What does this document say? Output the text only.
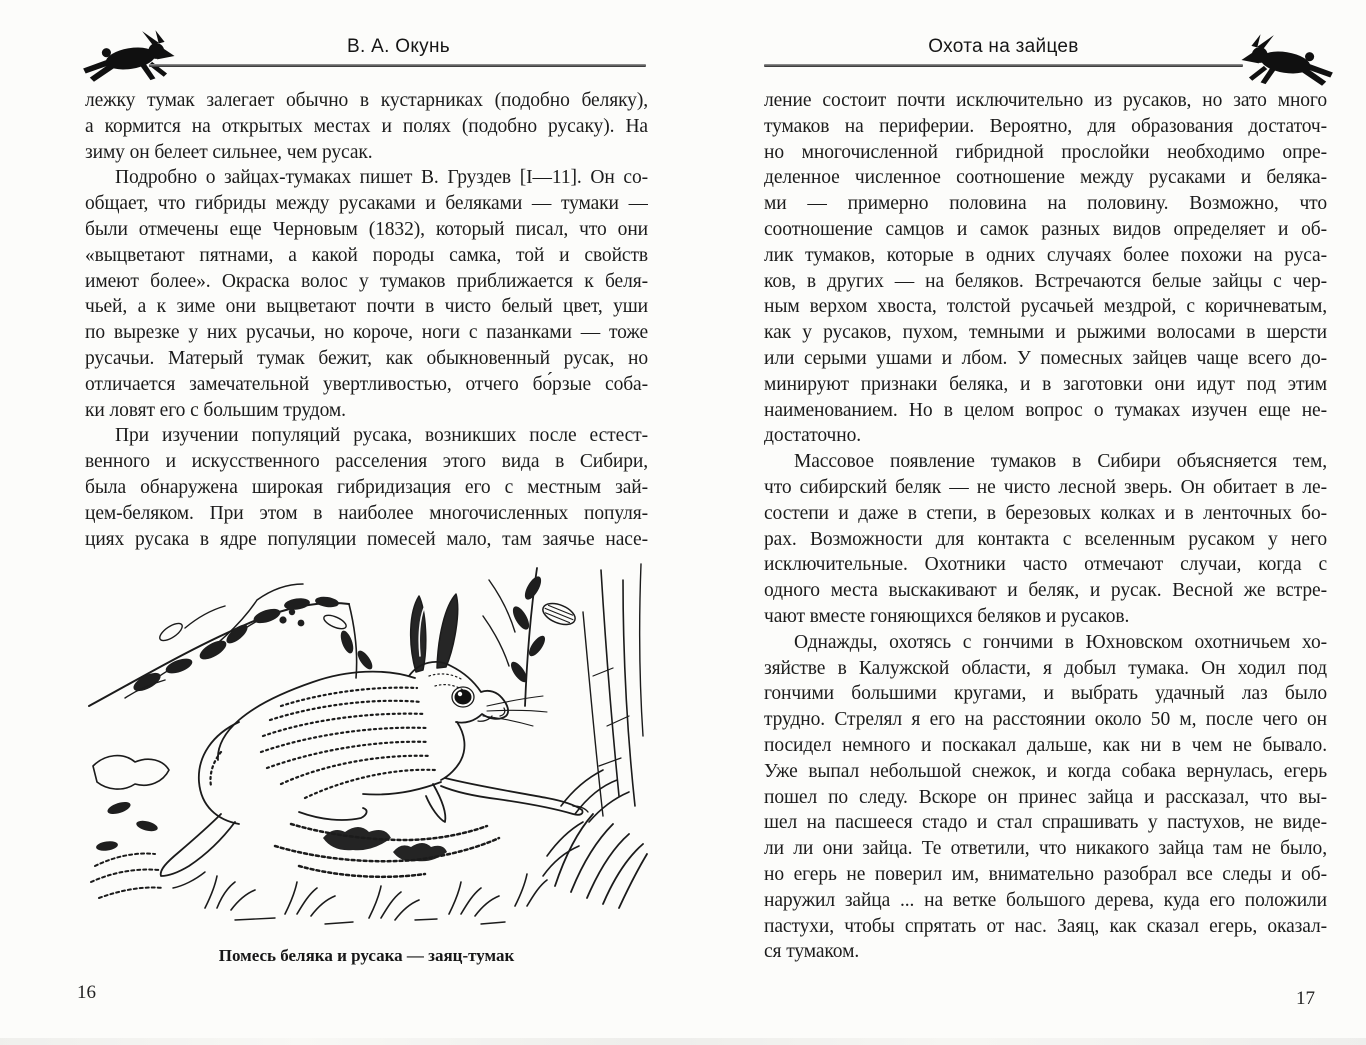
В. А. Окунь
лежку тумак залегает обычно в кустарниках (подобно беляку),
а кормится на открытых местах и полях (подобно русаку). На
зиму он белеет сильнее, чем русак.
Подробно о зайцах-тумаках пишет В. Груздев [I—11]. Он со-
общает, что гибриды между русаками и беляками — тумаки —
были отмечены еще Черновым (1832), который писал, что они
«выцветают пятнами, а какой породы самка, той и свойств
имеют более». Окраска волос у тумаков приближается к беля-
чьей, а к зиме они выцветают почти в чисто белый цвет, уши
по вырезке у них русачьи, но короче, ноги с пазанками — тоже
русачьи. Матерый тумак бежит, как обыкновенный русак, но
отличается замечательной увертливостью, отчего бо́рзые соба-
ки ловят его с большим трудом.
При изучении популяций русака, возникших после естест-
венного и искусственного расселения этого вида в Сибири,
была обнаружена широкая гибридизация его с местным зай-
цем-беляком. При этом в наиболее многочисленных популя-
циях русака в ядре популяции помесей мало, там заячье насе-
Помесь беляка и русака — заяц-тумак
16
Охота на зайцев
ление состоит почти исключительно из русаков, но зато много
тумаков на периферии. Вероятно, для образования достаточ-
но многочисленной гибридной прослойки необходимо опре-
деленное численное соотношение между русаками и беляка-
ми — примерно половина на половину. Возможно, что
соотношение самцов и самок разных видов определяет и об-
лик тумаков, которые в одних случаях более похожи на руса-
ков, в других — на беляков. Встречаются белые зайцы с чер-
ным верхом хвоста, толстой русачьей мездрой, с коричневатым,
как у русаков, пухом, темными и рыжими волосами в шерсти
или серыми ушами и лбом. У помесных зайцев чаще всего до-
минируют признаки беляка, и в заготовки они идут под этим
наименованием. Но в целом вопрос о тумаках изучен еще не-
достаточно.
Массовое появление тумаков в Сибири объясняется тем,
что сибирский беляк — не чисто лесной зверь. Он обитает в ле-
состепи и даже в степи, в березовых колках и в ленточных бо-
рах. Возможности для контакта с вселенным русаком у него
исключительные. Охотники часто отмечают случаи, когда с
одного места выскакивают и беляк, и русак. Весной же встре-
чают вместе гоняющихся беляков и русаков.
Однажды, охотясь с гончими в Юхновском охотничьем хо-
зяйстве в Калужской области, я добыл тумака. Он ходил под
гончими большими кругами, и выбрать удачный лаз было
трудно. Стрелял я его на расстоянии около 50 м, после чего он
посидел немного и поскакал дальше, как ни в чем не бывало.
Уже выпал небольшой снежок, и когда собака вернулась, егерь
пошел по следу. Вскоре он принес зайца и рассказал, что вы-
шел на пасшееся стадо и стал спрашивать у пастухов, не виде-
ли ли они зайца. Те ответили, что никакого зайца там не было,
но егерь не поверил им, внимательно разобрал все следы и об-
наружил зайца ... на ветке большого дерева, куда его положили
пастухи, чтобы спрятать от нас. Заяц, как сказал егерь, оказал-
ся тумаком.
17
